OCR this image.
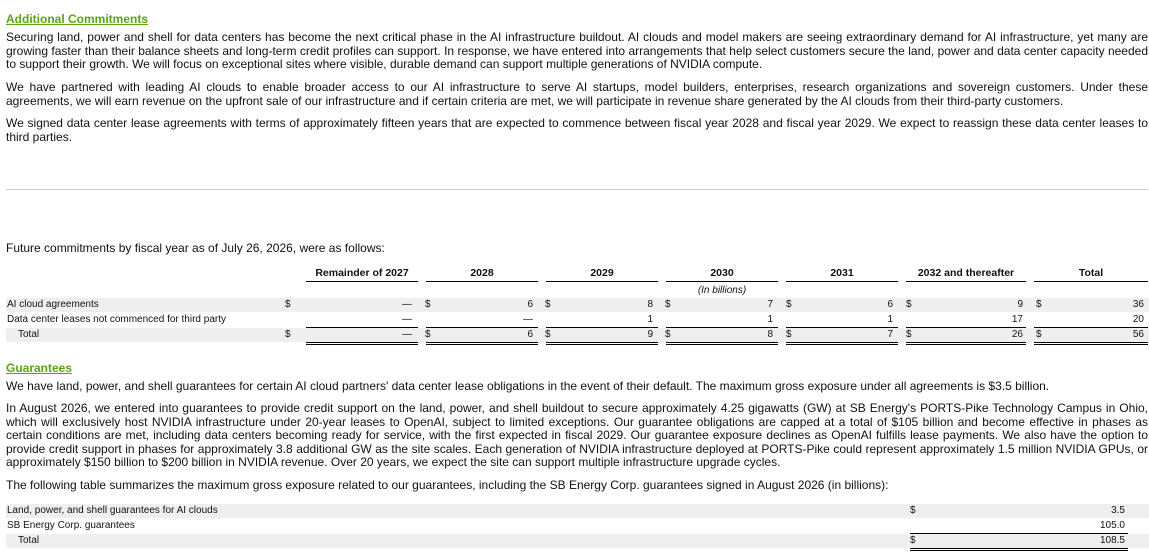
Additional Commitments

Securing land, power and shell for data centers has become the next critical phase in the AI infrastructure buildout. AI clouds and model makers are seeing extraordinary demand for AI infrastructure, yet many are growing faster than their balance sheets and long-term credit profiles can support. In response, we have entered into arrangements that help select customers secure the land, power and data center capacity needed to support their growth. We will focus on exceptional sites where visible, durable demand can support multiple generations of NVIDIA compute.

We have partnered with leading AI clouds to enable broader access to our AI infrastructure to serve AI startups, model builders, enterprises, research organizations and sovereign customers. Under these agreements, we will earn revenue on the upfront sale of our infrastructure and if certain criteria are met, we will participate in revenue share generated by the AI clouds from their third-party customers.

We signed data center lease agreements with terms of approximately fifteen years that are expected to commence between fiscal year 2028 and fiscal year 2029. We expect to reassign these data center leases to third parties.

Future commitments by fiscal year as of July 26, 2026, were as follows:

Remainder of 2027	2028	2029	2030	2031	2032 and thereafter	Total
(In billions)
AI cloud agreements	$	— $	6 $	8 $	7 $	6 $	9 $	36
Data center leases not commenced for third party	—	—	1	1	1	17	20
Total	$	— $	6 $	9 $	8 $	7 $	26 $	56

Guarantees

We have land, power, and shell guarantees for certain AI cloud partners' data center lease obligations in the event of their default. The maximum gross exposure under all agreements is $3.5 billion.

In August 2026, we entered into guarantees to provide credit support on the land, power, and shell buildout to secure approximately 4.25 gigawatts (GW) at SB Energy's PORTS-Pike Technology Campus in Ohio, which will exclusively host NVIDIA infrastructure under 20-year leases to OpenAI, subject to limited exceptions. Our guarantee obligations are capped at a total of $105 billion and become effective in phases as certain conditions are met, including data centers becoming ready for service, with the first expected in fiscal 2029. Our guarantee exposure declines as OpenAI fulfills lease payments. We also have the option to provide credit support in phases for approximately 3.8 additional GW as the site scales. Each generation of NVIDIA infrastructure deployed at PORTS-Pike could represent approximately 1.5 million NVIDIA GPUs, or approximately $150 billion to $200 billion in NVIDIA revenue. Over 20 years, we expect the site can support multiple infrastructure upgrade cycles.

The following table summarizes the maximum gross exposure related to our guarantees, including the SB Energy Corp. guarantees signed in August 2026 (in billions):

Land, power, and shell guarantees for AI clouds	$	3.5
SB Energy Corp. guarantees	105.0
Total	$	108.5
